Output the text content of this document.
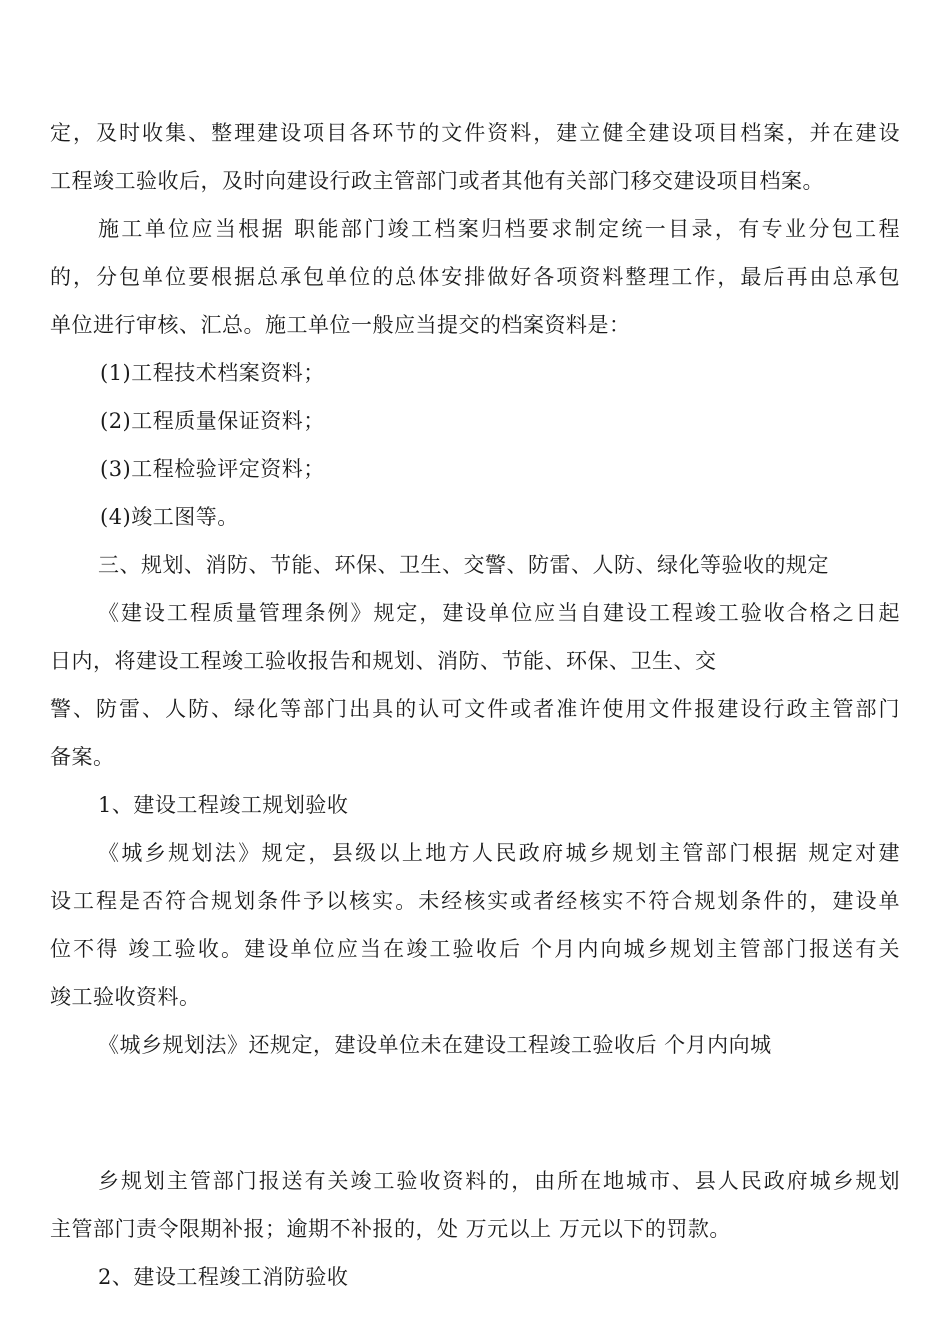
定，及时收集、整理建设项目各环节的文件资料，建立健全建设项目档案，并在建设
工程竣工验收后，及时向建设行政主管部门或者其他有关部门移交建设项目档案。
施工单位应当根据 职能部门竣工档案归档要求制定统一目录，有专业分包工程
的，分包单位要根据总承包单位的总体安排做好各项资料整理工作，最后再由总承包
单位进行审核、汇总。施工单位一般应当提交的档案资料是：
(1)工程技术档案资料；
(2)工程质量保证资料；
(3)工程检验评定资料；
(4)竣工图等。
三、规划、消防、节能、环保、卫生、交警、防雷、人防、绿化等验收的规定
《建设工程质量管理条例》规定，建设单位应当自建设工程竣工验收合格之日起
日内，将建设工程竣工验收报告和规划、消防、节能、环保、卫生、交
警、防雷、人防、绿化等部门出具的认可文件或者准许使用文件报建设行政主管部门
备案。
1、建设工程竣工规划验收
《城乡规划法》规定，县级以上地方人民政府城乡规划主管部门根据 规定对建
设工程是否符合规划条件予以核实。未经核实或者经核实不符合规划条件的，建设单
位不得 竣工验收。建设单位应当在竣工验收后 个月内向城乡规划主管部门报送有关
竣工验收资料。
《城乡规划法》还规定，建设单位未在建设工程竣工验收后 个月内向城
乡规划主管部门报送有关竣工验收资料的，由所在地城市、县人民政府城乡规划
主管部门责令限期补报；逾期不补报的，处 万元以上 万元以下的罚款。
2、建设工程竣工消防验收
